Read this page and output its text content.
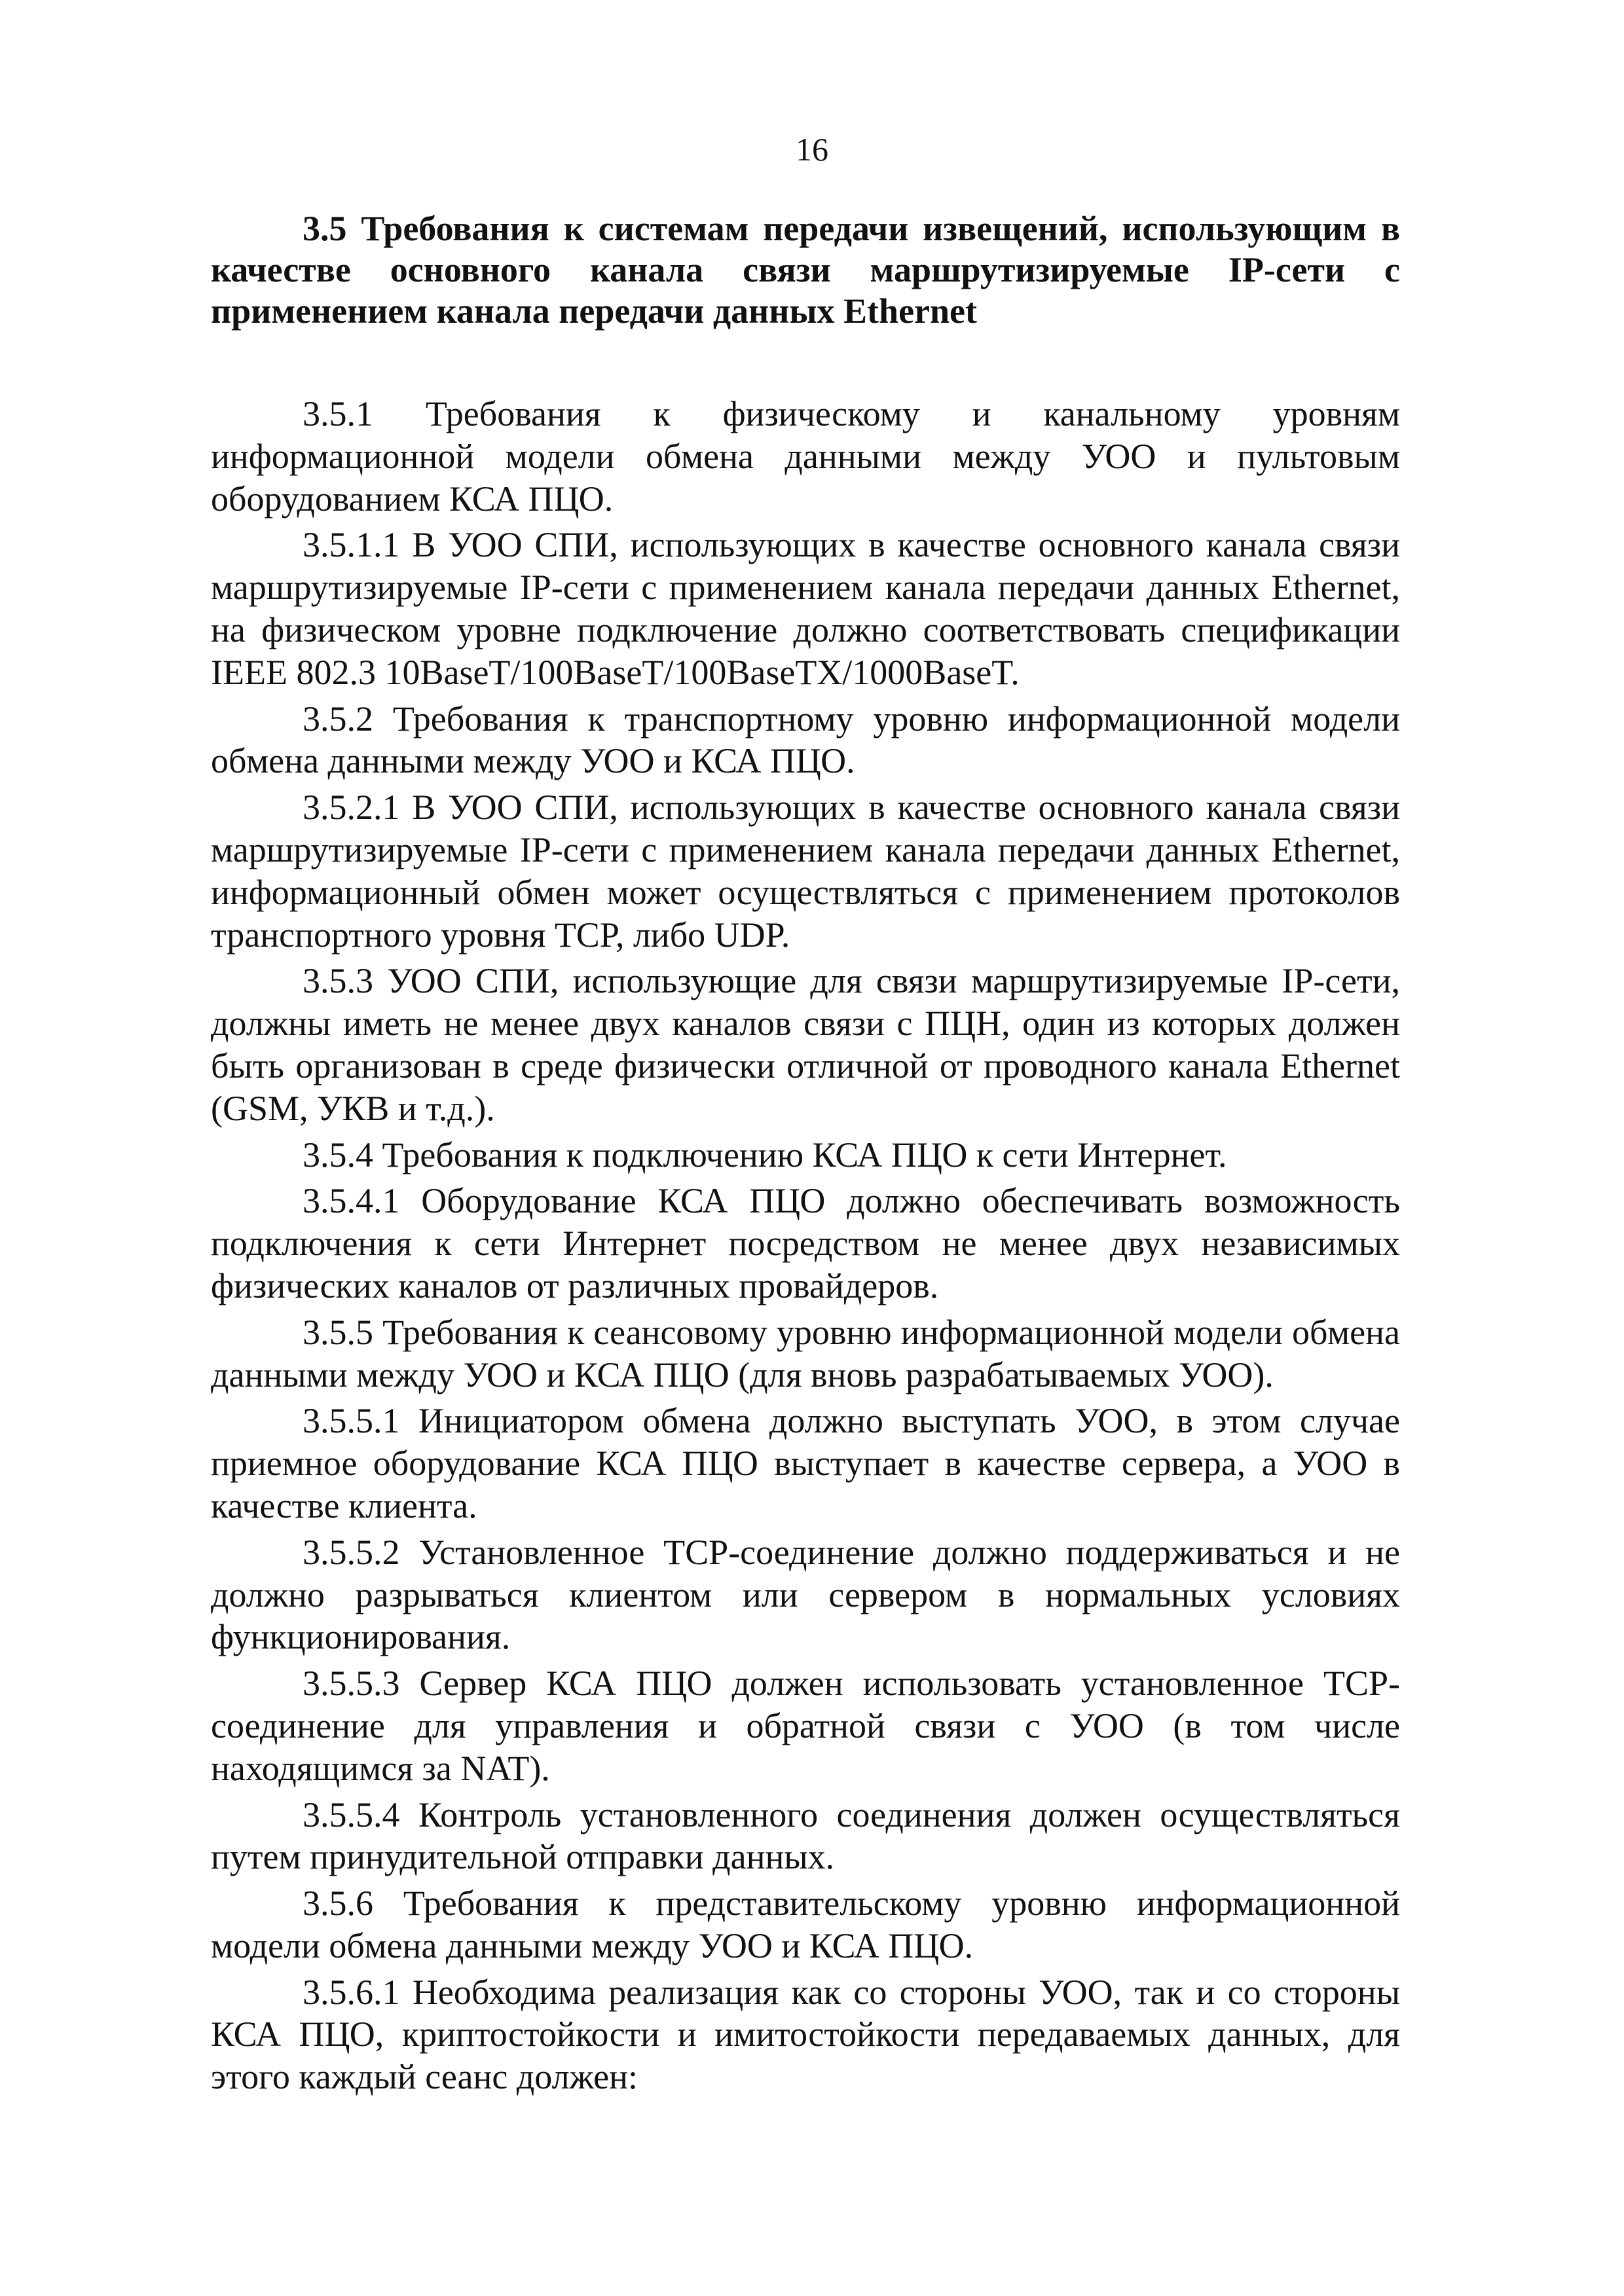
16

3.5 Требования к системам передачи извещений, использующим в качестве основного канала связи маршрутизируемые IP-сети с применением канала передачи данных Ethernet

3.5.1 Требования к физическому и канальному уровням информационной модели обмена данными между УОО и пультовым оборудованием КСА ПЦО.

3.5.1.1 В УОО СПИ, использующих в качестве основного канала связи маршрутизируемые IP-сети с применением канала передачи данных Ethernet, на физическом уровне подключение должно соответствовать спецификации IEEE 802.3 10BaseT/100BaseT/100BaseTX/1000BaseT.

3.5.2 Требования к транспортному уровню информационной модели обмена данными между УОО и КСА ПЦО.

3.5.2.1 В УОО СПИ, использующих в качестве основного канала связи маршрутизируемые IP-сети с применением канала передачи данных Ethernet, информационный обмен может осуществляться с применением протоколов транспортного уровня TCP, либо UDP.

3.5.3 УОО СПИ, использующие для связи маршрутизируемые IP-сети, должны иметь не менее двух каналов связи с ПЦН, один из которых должен быть организован в среде физически отличной от проводного канала Ethernet (GSM, УКВ и т.д.).

3.5.4 Требования к подключению КСА ПЦО к сети Интернет.

3.5.4.1 Оборудование КСА ПЦО должно обеспечивать возможность подключения к сети Интернет посредством не менее двух независимых физических каналов от различных провайдеров.

3.5.5 Требования к сеансовому уровню информационной модели обмена данными между УОО и КСА ПЦО (для вновь разрабатываемых УОО).

3.5.5.1 Инициатором обмена должно выступать УОО, в этом случае приемное оборудование КСА ПЦО выступает в качестве сервера, а УОО в качестве клиента.

3.5.5.2 Установленное TCP-соединение должно поддерживаться и не должно разрываться клиентом или сервером в нормальных условиях функционирования.

3.5.5.3 Сервер КСА ПЦО должен использовать установленное TCP-соединение для управления и обратной связи с УОО (в том числе находящимся за NAT).

3.5.5.4 Контроль установленного соединения должен осуществляться путем принудительной отправки данных.

3.5.6 Требования к представительскому уровню информационной модели обмена данными между УОО и КСА ПЦО.

3.5.6.1 Необходима реализация как со стороны УОО, так и со стороны КСА ПЦО, криптостойкости и имитостойкости передаваемых данных, для этого каждый сеанс должен:
